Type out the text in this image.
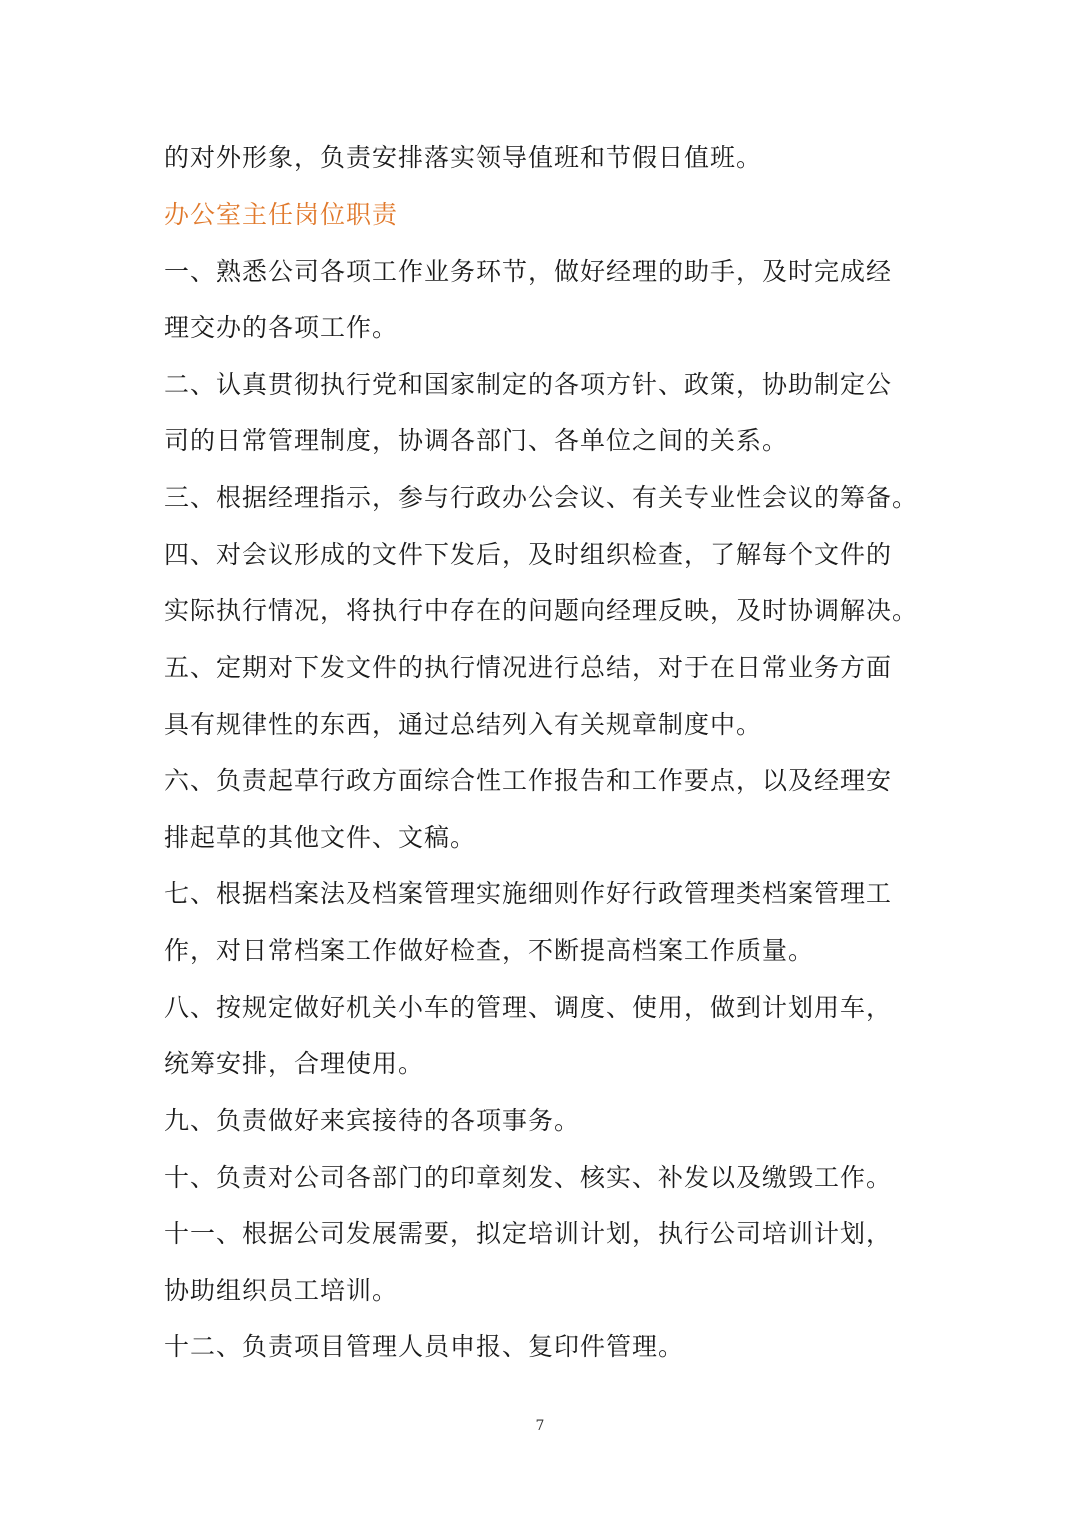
的对外形象，负责安排落实领导值班和节假日值班。
办公室主任岗位职责
一、熟悉公司各项工作业务环节，做好经理的助手，及时完成经
理交办的各项工作。
二、认真贯彻执行党和国家制定的各项方针、政策，协助制定公
司的日常管理制度，协调各部门、各单位之间的关系。
三、根据经理指示，参与行政办公会议、有关专业性会议的筹备。
四、对会议形成的文件下发后，及时组织检查，了解每个文件的
实际执行情况，将执行中存在的问题向经理反映，及时协调解决。
五、定期对下发文件的执行情况进行总结，对于在日常业务方面
具有规律性的东西，通过总结列入有关规章制度中。
六、负责起草行政方面综合性工作报告和工作要点，以及经理安
排起草的其他文件、文稿。
七、根据档案法及档案管理实施细则作好行政管理类档案管理工
作，对日常档案工作做好检查，不断提高档案工作质量。
八、按规定做好机关小车的管理、调度、使用，做到计划用车，
统筹安排，合理使用。
九、负责做好来宾接待的各项事务。
十、负责对公司各部门的印章刻发、核实、补发以及缴毁工作。
十一、根据公司发展需要，拟定培训计划，执行公司培训计划，
协助组织员工培训。
十二、负责项目管理人员申报、复印件管理。
7
